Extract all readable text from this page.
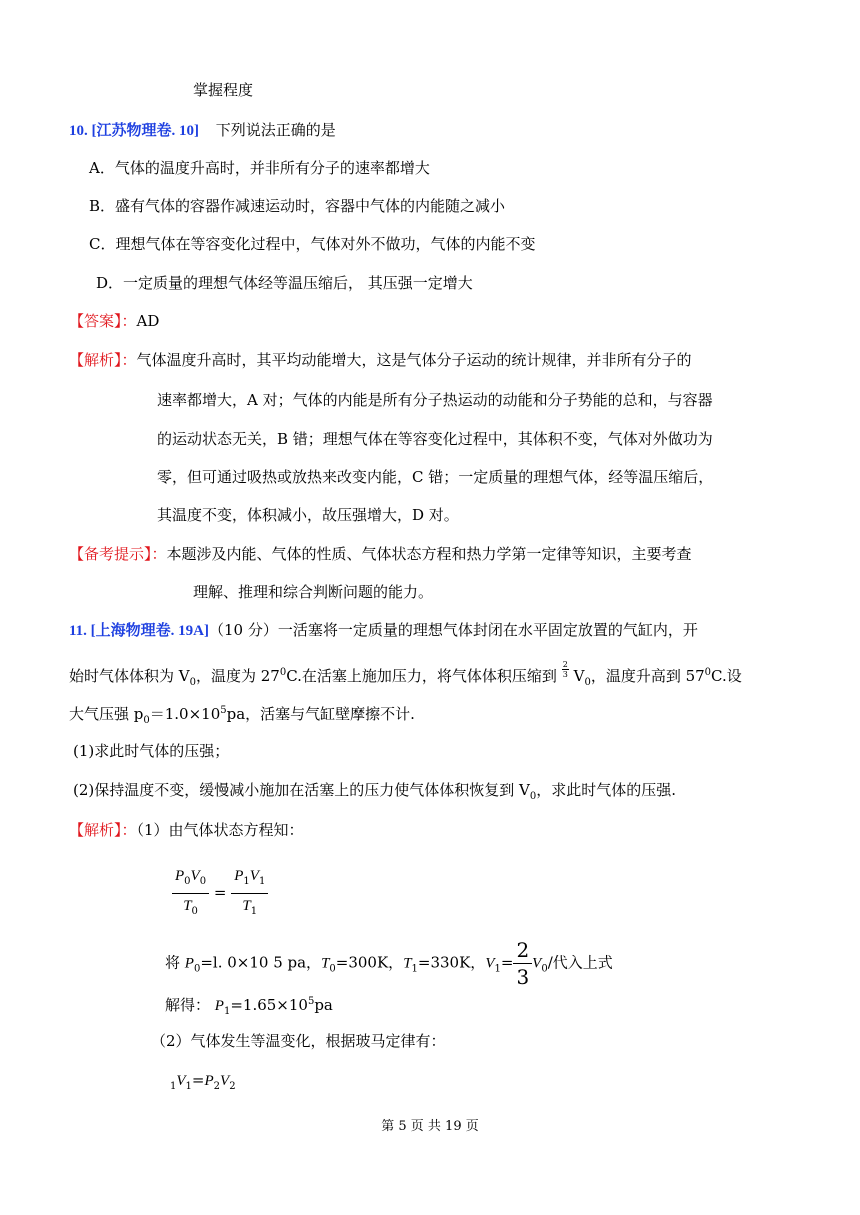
掌握程度
10. [江苏物理卷. 10] 下列说法正确的是
A．气体的温度升高时，并非所有分子的速率都增大
B．盛有气体的容器作减速运动时，容器中气体的内能随之减小
C．理想气体在等容变化过程中，气体对外不做功，气体的内能不变
D．一定质量的理想气体经等温压缩后， 其压强一定增大
【答案】：AD
【解析】：气体温度升高时，其平均动能增大，这是气体分子运动的统计规律，并非所有分子的
速率都增大，A 对；气体的内能是所有分子热运动的动能和分子势能的总和，与容器
的运动状态无关，B 错；理想气体在等容变化过程中，其体积不变，气体对外做功为
零，但可通过吸热或放热来改变内能，C 错；一定质量的理想气体，经等温压缩后，
其温度不变，体积减小，故压强增大，D 对。
【备考提示】：本题涉及内能、气体的性质、气体状态方程和热力学第一定律等知识，主要考查
理解、推理和综合判断问题的能力。
11. [上海物理卷. 19A]（10 分）一活塞将一定质量的理想气体封闭在水平固定放置的气缸内，开
始时气体体积为 $V_0$，温度为 $27^0C$.在活塞上施加压力，将气体体积压缩到 $\frac{2}{3} V_0$，温度升高到 $57^0C$.设
大气压强 $p_0=1.0\times 10^5pa$，活塞与气缸壁摩擦不计.
(1)求此时气体的压强；
(2)保持温度不变，缓慢减小施加在活塞上的压力使气体体积恢复到 $V_0$，求此时气体的压强.
【解析】：（1）由气体状态方程知：
$\frac{P_0V_0}{T_0} = \frac{P_1V_1}{T_1}$
将 $P_0=l$. 0×10 5 pa，$T_0=300K$，$T_1=330K$，$V_1= \frac{2}{3} V_0/$代入上式
解得： $P_1=1.65\times 10^5pa$
（2）气体发生等温变化，根据玻马定律有：
$_1V_1=P_2V_2$
第 5 页 共 19 页
